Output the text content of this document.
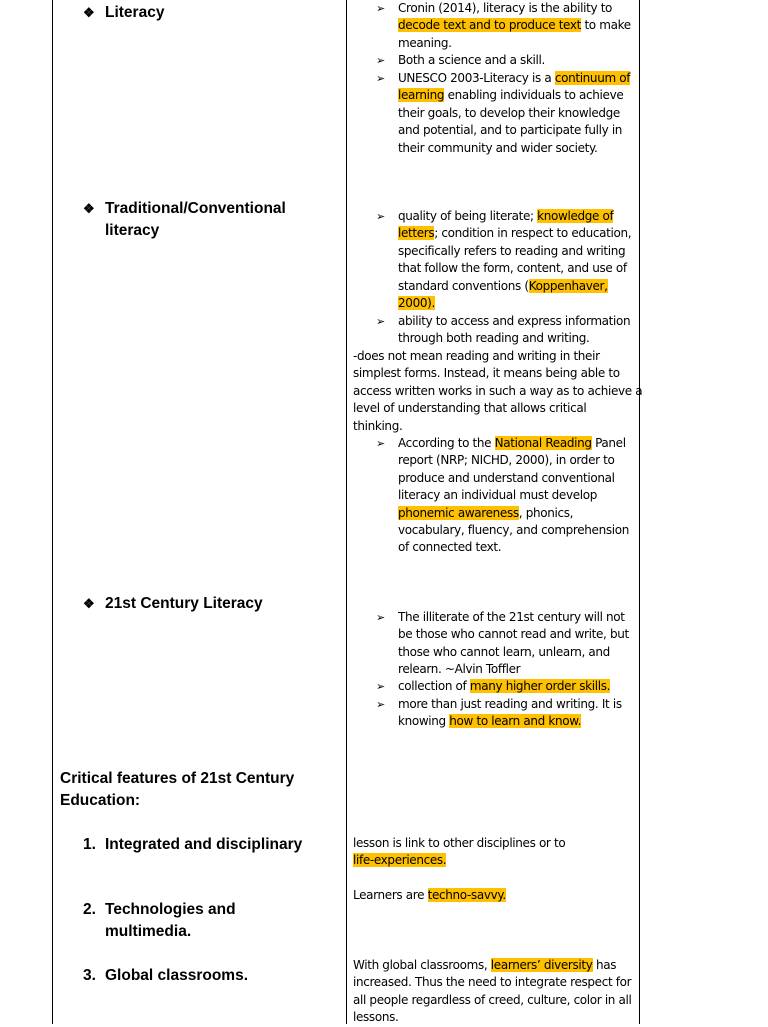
❖ Literacy
❖ Traditional/Conventional
literacy
❖ 21st Century Literacy
Critical features of 21st Century
Education:
1. Integrated and disciplinary
2. Technologies and
multimedia.
3. Global classrooms.
➢ Cronin (2014), literacy is the ability to
decode text and to produce text to make
meaning.
➢ Both a science and a skill.
➢ UNESCO 2003-Literacy is a continuum of
learning enabling individuals to achieve
their goals, to develop their knowledge
and potential, and to participate fully in
their community and wider society.
➢ quality of being literate; knowledge of
letters; condition in respect to education,
specifically refers to reading and writing
that follow the form, content, and use of
standard conventions (Koppenhaver,
2000).
➢ ability to access and express information
through both reading and writing.
-does not mean reading and writing in their
simplest forms. Instead, it means being able to
access written works in such a way as to achieve a
level of understanding that allows critical
thinking.
➢ According to the National Reading Panel
report (NRP; NICHD, 2000), in order to
produce and understand conventional
literacy an individual must develop
phonemic awareness, phonics,
vocabulary, fluency, and comprehension
of connected text.
➢ The illiterate of the 21st century will not
be those who cannot read and write, but
those who cannot learn, unlearn, and
relearn. ~Alvin Toffler
➢ collection of many higher order skills.
➢ more than just reading and writing. It is
knowing how to learn and know.
lesson is link to other disciplines or to
life-experiences.
Learners are techno-savvy.
With global classrooms, learners’ diversity has
increased. Thus the need to integrate respect for
all people regardless of creed, culture, color in all
lessons.
